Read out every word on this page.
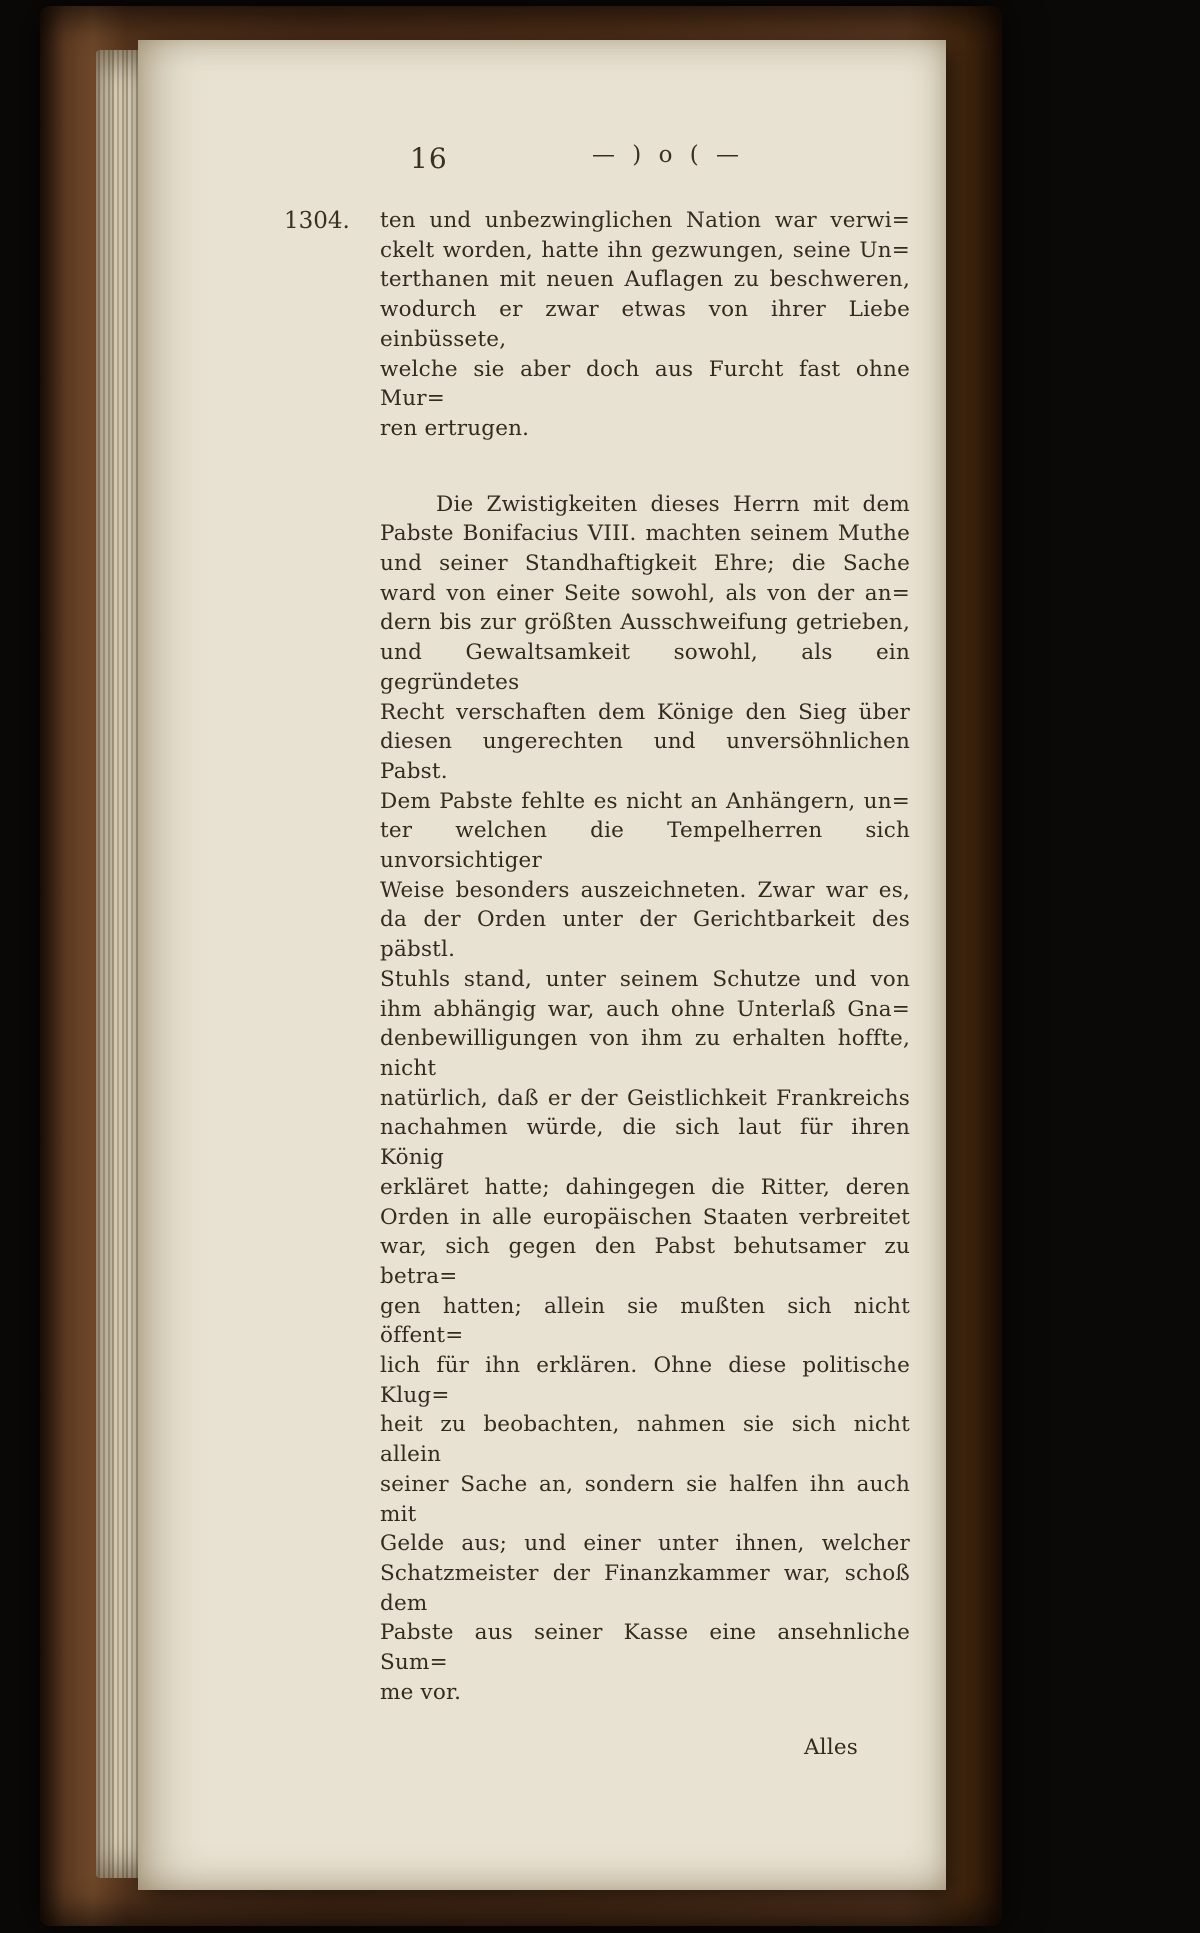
16	— ) o ( —
1304. ten und unbezwinglichen Nation war verwi=
ckelt worden, hatte ihn gezwungen, seine Un=
terthanen mit neuen Auflagen zu beschweren,
wodurch er zwar etwas von ihrer Liebe einbüssete,
welche sie aber doch aus Furcht fast ohne Mur=
ren ertrugen.
Die Zwistigkeiten dieses Herrn mit dem
Pabste Bonifacius VIII. machten seinem Muthe
und seiner Standhaftigkeit Ehre; die Sache
ward von einer Seite sowohl, als von der an=
dern bis zur größten Ausschweifung getrieben,
und Gewaltsamkeit sowohl, als ein gegründetes
Recht verschaften dem Könige den Sieg über
diesen ungerechten und unversöhnlichen Pabst.
Dem Pabste fehlte es nicht an Anhängern, un=
ter welchen die Tempelherren sich unvorsichtiger
Weise besonders auszeichneten. Zwar war es,
da der Orden unter der Gerichtbarkeit des päbstl.
Stuhls stand, unter seinem Schutze und von
ihm abhängig war, auch ohne Unterlaß Gna=
denbewilligungen von ihm zu erhalten hoffte, nicht
natürlich, daß er der Geistlichkeit Frankreichs
nachahmen würde, die sich laut für ihren König
erkläret hatte; dahingegen die Ritter, deren
Orden in alle europäischen Staaten verbreitet
war, sich gegen den Pabst behutsamer zu betra=
gen hatten; allein sie mußten sich nicht öffent=
lich für ihn erklären. Ohne diese politische Klug=
heit zu beobachten, nahmen sie sich nicht allein
seiner Sache an, sondern sie halfen ihn auch mit
Gelde aus; und einer unter ihnen, welcher
Schatzmeister der Finanzkammer war, schoß dem
Pabste aus seiner Kasse eine ansehnliche Sum=
me vor.
Alles
